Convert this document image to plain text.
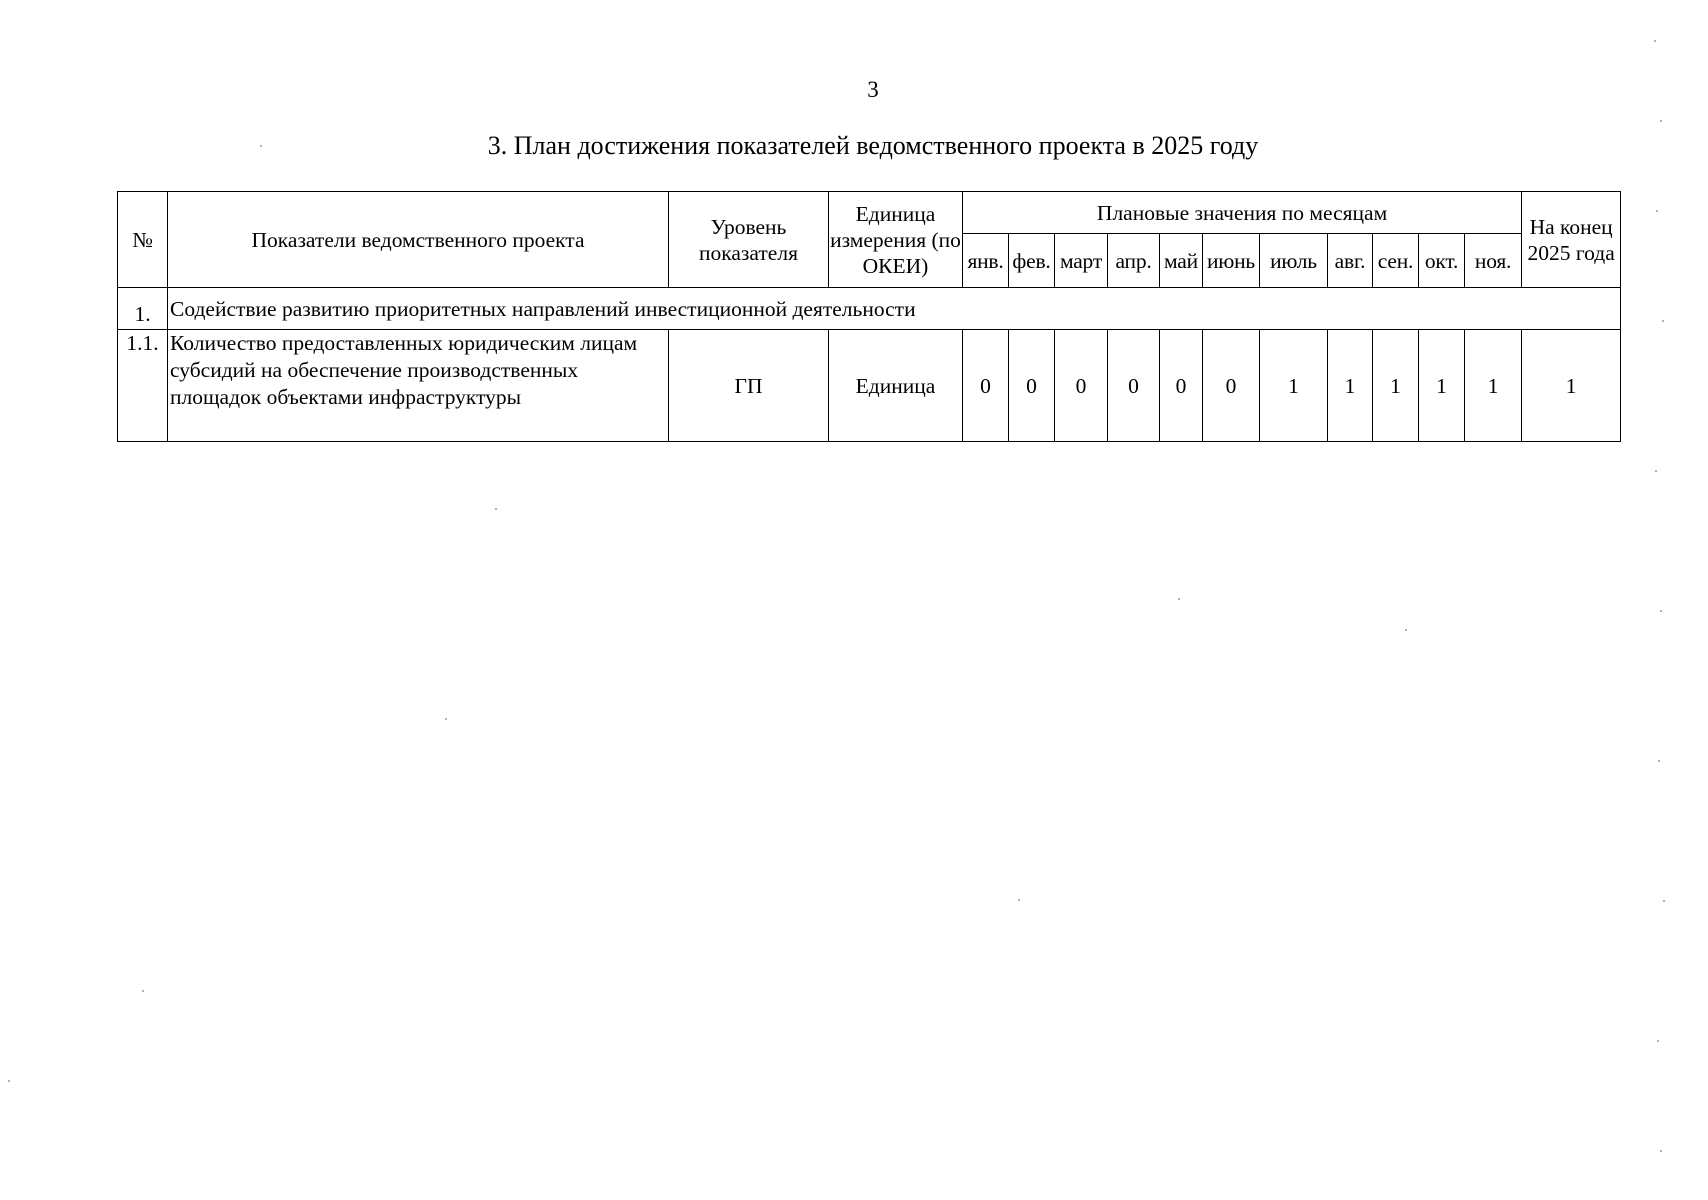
3
3. План достижения показателей ведомственного проекта в 2025 году
№	Показатели ведомственного проекта	Уровень показателя	Единица измерения (по ОКЕИ)	Плановые значения по месяцам											На конец 2025 года
				янв.	фев.	март	апр.	май	июнь	июль	авг.	сен.	окт.	ноя.	
1.	Содействие развитию приоритетных направлений инвестиционной деятельности														
1.1.	Количество предоставленных юридическим лицам субсидий на обеспечение производственных площадок объектами инфраструктуры	ГП	Единица	0	0	0	0	0	0	1	1	1	1	1	1
